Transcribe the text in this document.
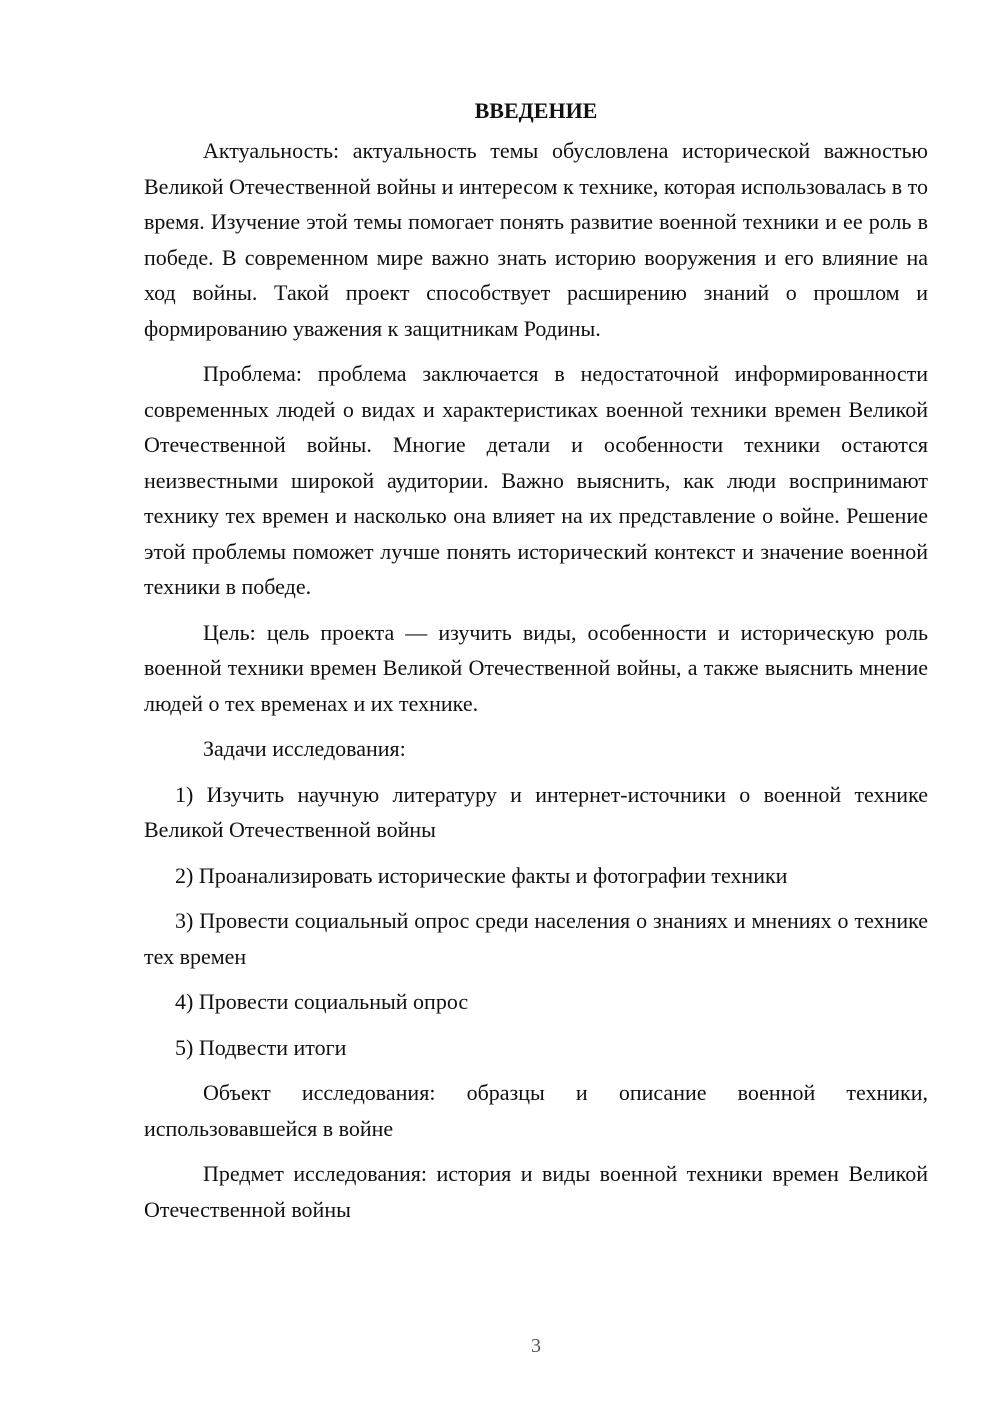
ВВЕДЕНИЕ

Актуальность: актуальность темы обусловлена исторической важностью Великой Отечественной войны и интересом к технике, которая использовалась в то время. Изучение этой темы помогает понять развитие военной техники и ее роль в победе. В современном мире важно знать историю вооружения и его влияние на ход войны. Такой проект способствует расширению знаний о прошлом и формированию уважения к защитникам Родины.

Проблема: проблема заключается в недостаточной информированности современных людей о видах и характеристиках военной техники времен Великой Отечественной войны. Многие детали и особенности техники остаются неизвестными широкой аудитории. Важно выяснить, как люди воспринимают технику тех времен и насколько она влияет на их представление о войне. Решение этой проблемы поможет лучше понять исторический контекст и значение военной техники в победе.

Цель: цель проекта — изучить виды, особенности и историческую роль военной техники времен Великой Отечественной войны, а также выяснить мнение людей о тех временах и их технике.

Задачи исследования:

1) Изучить научную литературу и интернет-источники о военной технике Великой Отечественной войны

2) Проанализировать исторические факты и фотографии техники

3) Провести социальный опрос среди населения о знаниях и мнениях о технике тех времен

4) Провести социальный опрос

5) Подвести итоги

Объект исследования: образцы и описание военной техники, использовавшейся в войне

Предмет исследования: история и виды военной техники времен Великой Отечественной войны

3
